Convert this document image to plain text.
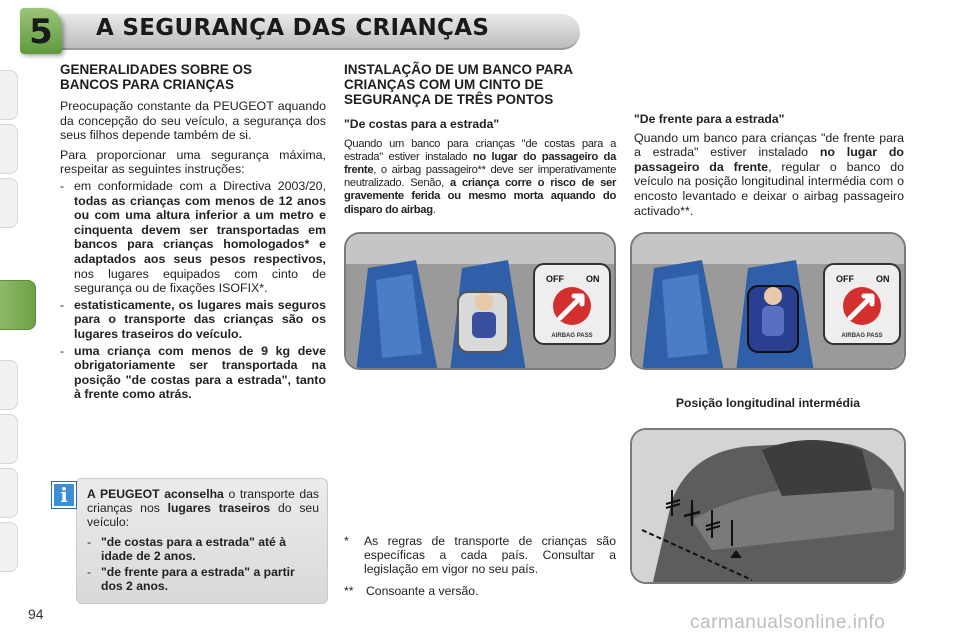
5	A SEGURANÇA DAS CRIANÇAS
GENERALIDADES SOBRE OS
BANCOS PARA CRIANÇAS

Preocupação constante da PEUGEOT aquando da concepção do seu veículo, a segurança dos seus filhos depende também de si.

Para proporcionar uma segurança máxima, respeitar as seguintes instruções:

- em conformidade com a Directiva 2003/20, todas as crianças com menos de 12 anos ou com uma altura inferior a um metro e cinquenta devem ser transportadas em bancos para crianças homologados* e adaptados aos seus pesos respectivos, nos lugares equipados com cinto de segurança ou de fixações ISOFIX*.
- estatisticamente, os lugares mais seguros para o transporte das crianças são os lugares traseiros do veículo.
- uma criança com menos de 9 kg deve obrigatoriamente ser transportada na posição "de costas para a estrada", tanto à frente como atrás.
A PEUGEOT aconselha o transporte das crianças nos lugares traseiros do seu veículo:
- "de costas para a estrada" até à idade de 2 anos.
- "de frente para a estrada" a partir dos 2 anos.
i
INSTALAÇÃO DE UM BANCO PARA
CRIANÇAS COM UM CINTO DE
SEGURANÇA DE TRÊS PONTOS
"De costas para a estrada"

Quando um banco para crianças "de costas para a estrada" estiver instalado no lugar do passageiro da frente, o airbag passageiro** deve ser imperativamente neutralizado. Senão, a criança corre o risco de ser gravemente ferida ou mesmo morta aquando do disparo do airbag.

"De frente para a estrada"

Quando um banco para crianças "de frente para a estrada" estiver instalado no lugar do passageiro da frente, regular o banco do veículo na posição longitudinal intermédia com o encosto levantado e deixar o airbag passageiro activado**.

OFF ON
AIRBAG PASS
OFF ON
AIRBAG PASS
Posição longitudinal intermédia
*	As regras de transporte de crianças são específicas a cada país. Consultar a legislação em vigor no seu país.
**	Consoante a versão.
94	carmanualsonline.info
